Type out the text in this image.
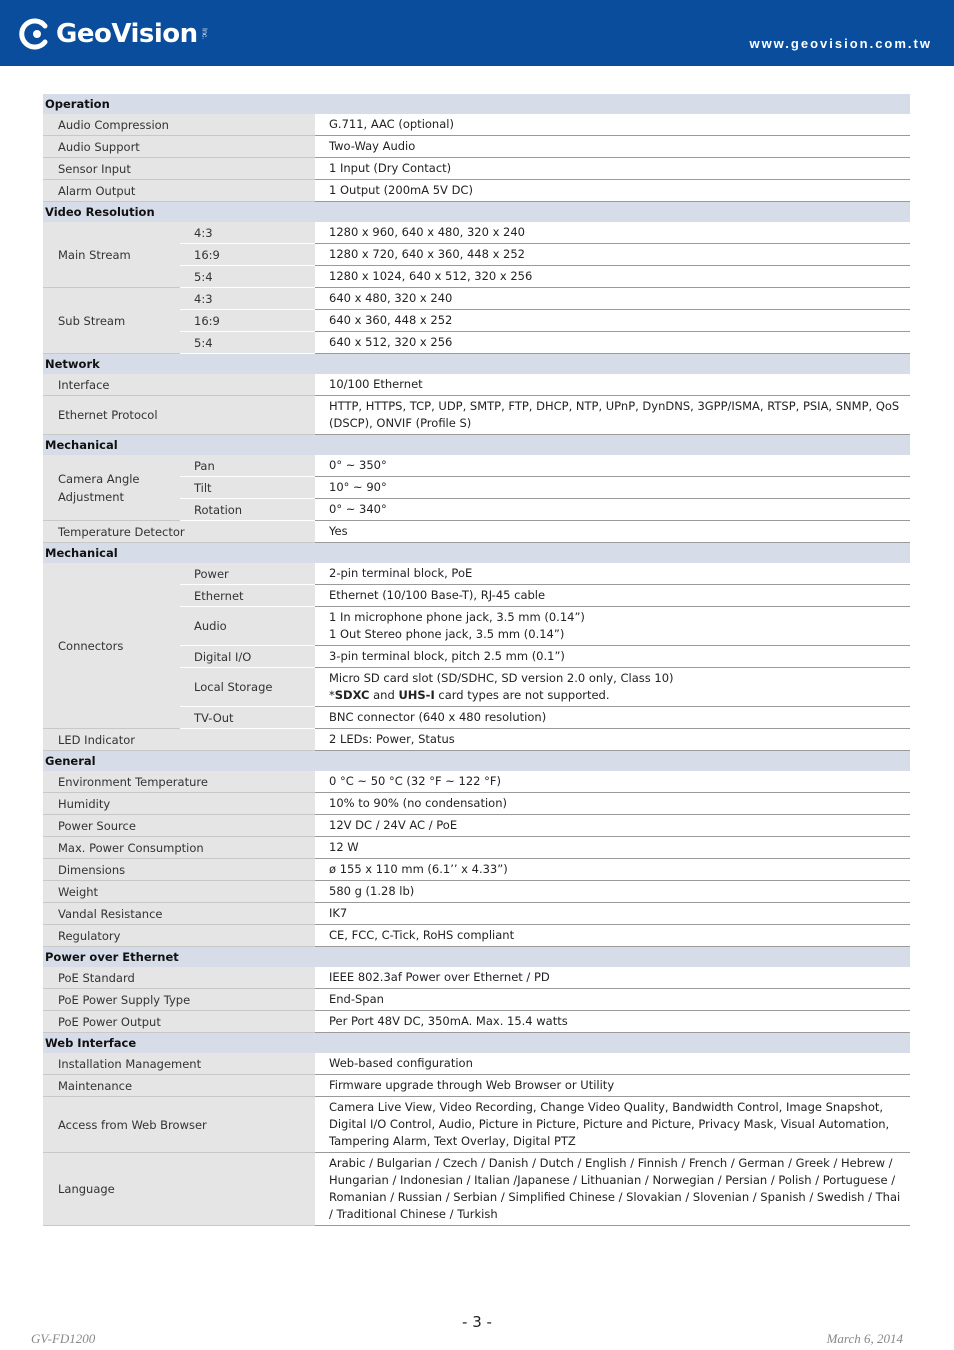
GeoVision Inc.
www.geovision.com.tw
Operation		
Audio Compression		G.711, AAC (optional)
Audio Support		Two-Way Audio
Sensor Input		1 Input (Dry Contact)
Alarm Output		1 Output (200mA 5V DC)
Video Resolution		
Main Stream	4:3	1280 x 960, 640 x 480, 320 x 240
	16:9	1280 x 720, 640 x 360, 448 x 252
	5:4	1280 x 1024, 640 x 512, 320 x 256
Sub Stream	4:3	640 x 480, 320 x 240
	16:9	640 x 360, 448 x 252
	5:4	640 x 512, 320 x 256
Network		
Interface		10/100 Ethernet
Ethernet Protocol		HTTP, HTTPS, TCP, UDP, SMTP, FTP, DHCP, NTP, UPnP, DynDNS, 3GPP/ISMA, RTSP, PSIA, SNMP, QoS (DSCP), ONVIF (Profile S)
Mechanical		
Camera Angle Adjustment	Pan	0° ~ 350°
	Tilt	10° ~ 90°
	Rotation	0° ~ 340°
Temperature Detector		Yes
Mechanical		
Connectors	Power	2-pin terminal block, PoE
	Ethernet	Ethernet (10/100 Base-T), RJ-45 cable
	Audio	1 In microphone phone jack, 3.5 mm (0.14”)
1 Out Stereo phone jack, 3.5 mm (0.14”)

	Digital I/O	3-pin terminal block, pitch 2.5 mm (0.1”)
	Local Storage	Micro SD card slot (SD/SDHC, SD version 2.0 only, Class 10)
*SDXC and UHS-I card types are not supported.

	TV-Out	BNC connector (640 x 480 resolution)
LED Indicator		2 LEDs: Power, Status
General		
Environment Temperature		0 °C ~ 50 °C (32 °F ~ 122 °F)
Humidity		10% to 90% (no condensation)
Power Source		12V DC / 24V AC / PoE
Max. Power Consumption		12 W
Dimensions		ø 155 x 110 mm (6.1’’ x 4.33”)
Weight		580 g (1.28 lb)
Vandal Resistance		IK7
Regulatory		CE, FCC, C-Tick, RoHS compliant
Power over Ethernet		
PoE Standard		IEEE 802.3af Power over Ethernet / PD
PoE Power Supply Type		End-Span
PoE Power Output		Per Port 48V DC, 350mA. Max. 15.4 watts
Web Interface		
Installation Management		Web-based configuration
Maintenance		Firmware upgrade through Web Browser or Utility
Access from Web Browser		Camera Live View, Video Recording, Change Video Quality, Bandwidth Control, Image Snapshot, Digital I/O Control, Audio, Picture in Picture, Picture and Picture, Privacy Mask, Visual Automation, Tampering Alarm, Text Overlay, Digital PTZ
Language		Arabic / Bulgarian / Czech / Danish / Dutch / English / Finnish / French / German / Greek / Hebrew / Hungarian / Indonesian / Italian /Japanese / Lithuanian / Norwegian / Persian / Polish / Portuguese / Romanian / Russian / Serbian / Simplified Chinese / Slovakian / Slovenian / Spanish / Swedish / Thai / Traditional Chinese / Turkish
- 3 -
GV-FD1200	March 6, 2014
